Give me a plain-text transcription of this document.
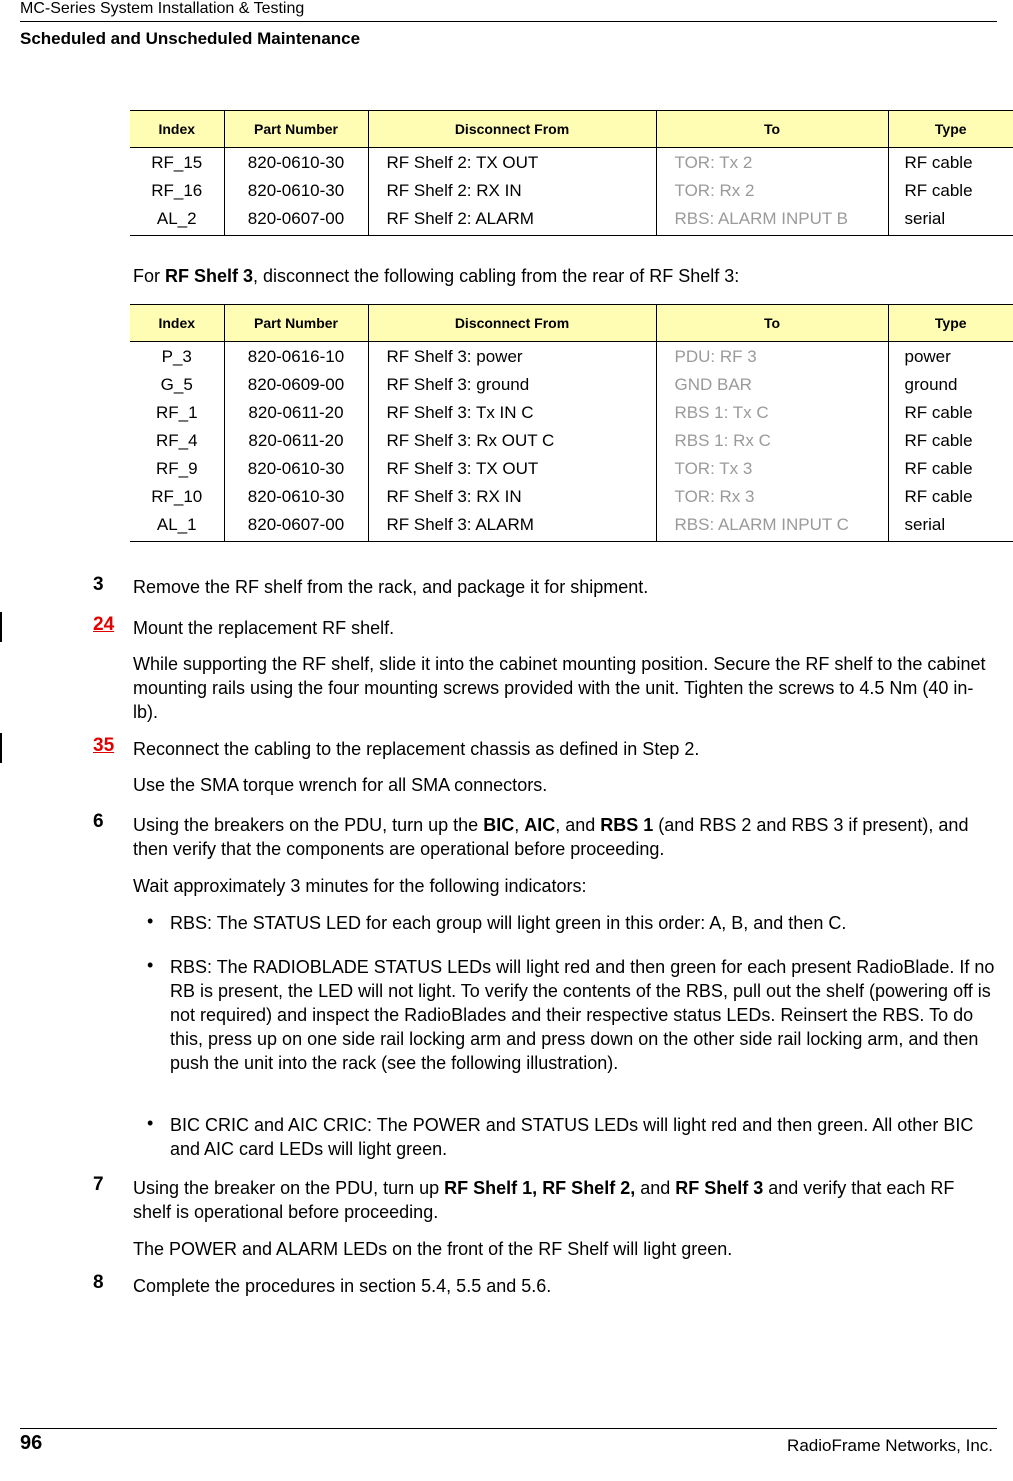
MC-Series System Installation & Testing
Scheduled and Unscheduled Maintenance
Index	Part Number	Disconnect From	To	Type
RF_15	820-0610-30	RF Shelf 2: TX OUT	TOR: Tx 2	RF cable
RF_16	820-0610-30	RF Shelf 2: RX IN	TOR: Rx 2	RF cable
AL_2	820-0607-00	RF Shelf 2: ALARM	RBS: ALARM INPUT B	serial
For RF Shelf 3, disconnect the following cabling from the rear of RF Shelf 3:
Index	Part Number	Disconnect From	To	Type
P_3	820-0616-10	RF Shelf 3: power	PDU: RF 3	power
G_5	820-0609-00	RF Shelf 3: ground	GND BAR	ground
RF_1	820-0611-20	RF Shelf 3: Tx IN C	RBS 1: Tx C	RF cable
RF_4	820-0611-20	RF Shelf 3: Rx OUT C	RBS 1: Rx C	RF cable
RF_9	820-0610-30	RF Shelf 3: TX OUT	TOR: Tx 3	RF cable
RF_10	820-0610-30	RF Shelf 3: RX IN	TOR: Rx 3	RF cable
AL_1	820-0607-00	RF Shelf 3: ALARM	RBS: ALARM INPUT C	serial
3 Remove the RF shelf from the rack, and package it for shipment.
24 Mount the replacement RF shelf.
While supporting the RF shelf, slide it into the cabinet mounting position. Secure the RF shelf to the cabinet mounting rails using the four mounting screws provided with the unit. Tighten the screws to 4.5 Nm (40 in-lb).
35 Reconnect the cabling to the replacement chassis as defined in Step 2.
Use the SMA torque wrench for all SMA connectors.
6 Using the breakers on the PDU, turn up the BIC, AIC, and RBS 1 (and RBS 2 and RBS 3 if present), and then verify that the components are operational before proceeding.
Wait approximately 3 minutes for the following indicators:
• RBS: The STATUS LED for each group will light green in this order: A, B, and then C.
• RBS: The RADIOBLADE STATUS LEDs will light red and then green for each present RadioBlade. If no RB is present, the LED will not light. To verify the contents of the RBS, pull out the shelf (powering off is not required) and inspect the RadioBlades and their respective status LEDs. Reinsert the RBS. To do this, press up on one side rail locking arm and press down on the other side rail locking arm, and then push the unit into the rack (see the following illustration).
• BIC CRIC and AIC CRIC: The POWER and STATUS LEDs will light red and then green. All other BIC and AIC card LEDs will light green.
7 Using the breaker on the PDU, turn up RF Shelf 1, RF Shelf 2, and RF Shelf 3 and verify that each RF shelf is operational before proceeding.
The POWER and ALARM LEDs on the front of the RF Shelf will light green.
8 Complete the procedures in section 5.4, 5.5 and 5.6.
96	RadioFrame Networks, Inc.
